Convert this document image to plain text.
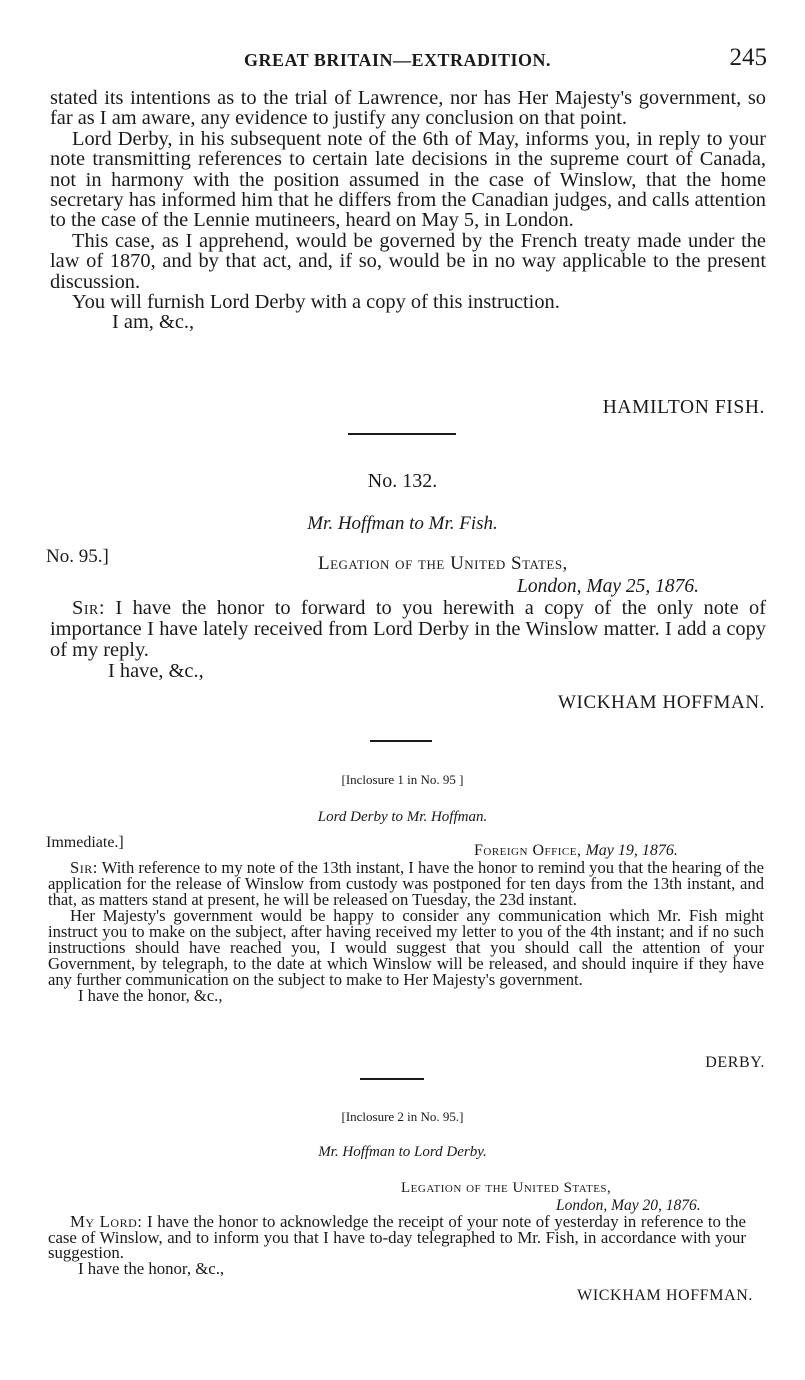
GREAT BRITAIN—EXTRADITION.	245

stated its intentions as to the trial of Lawrence, nor has Her Majesty's government, so far as I am aware, any evidence to justify any conclusion on that point.

Lord Derby, in his subsequent note of the 6th of May, informs you, in reply to your note transmitting references to certain late decisions in the supreme court of Canada, not in harmony with the position assumed in the case of Winslow, that the home secretary has informed him that he differs from the Canadian judges, and calls attention to the case of the Lennie mutineers, heard on May 5, in London.

This case, as I apprehend, would be governed by the French treaty made under the law of 1870, and by that act, and, if so, would be in no way applicable to the present discussion.

You will furnish Lord Derby with a copy of this instruction.

I am, &c.,

HAMILTON FISH.
No. 132.
Mr. Hoffman to Mr. Fish.
No. 95.]	Legation of the United States,
London, May 25, 1876.

Sir: I have the honor to forward to you herewith a copy of the only note of importance I have lately received from Lord Derby in the Winslow matter. I add a copy of my reply.

I have, &c.,

WICKHAM HOFFMAN.
[Inclosure 1 in No. 95 ]
Lord Derby to Mr. Hoffman.
Immediate.]	Foreign Office, May 19, 1876.

Sir: With reference to my note of the 13th instant, I have the honor to remind you that the hearing of the application for the release of Winslow from custody was postponed for ten days from the 13th instant, and that, as matters stand at present, he will be released on Tuesday, the 23d instant.

Her Majesty's government would be happy to consider any communication which Mr. Fish might instruct you to make on the subject, after having received my letter to you of the 4th instant; and if no such instructions should have reached you, I would suggest that you should call the attention of your Government, by telegraph, to the date at which Winslow will be released, and should inquire if they have any further communication on the subject to make to Her Majesty's government.

I have the honor, &c.,

DERBY.
[Inclosure 2 in No. 95.]
Mr. Hoffman to Lord Derby.
Legation of the United States,
London, May 20, 1876.

My Lord: I have the honor to acknowledge the receipt of your note of yesterday in reference to the case of Winslow, and to inform you that I have to-day telegraphed to Mr. Fish, in accordance with your suggestion.

I have the honor, &c.,

WICKHAM HOFFMAN.
